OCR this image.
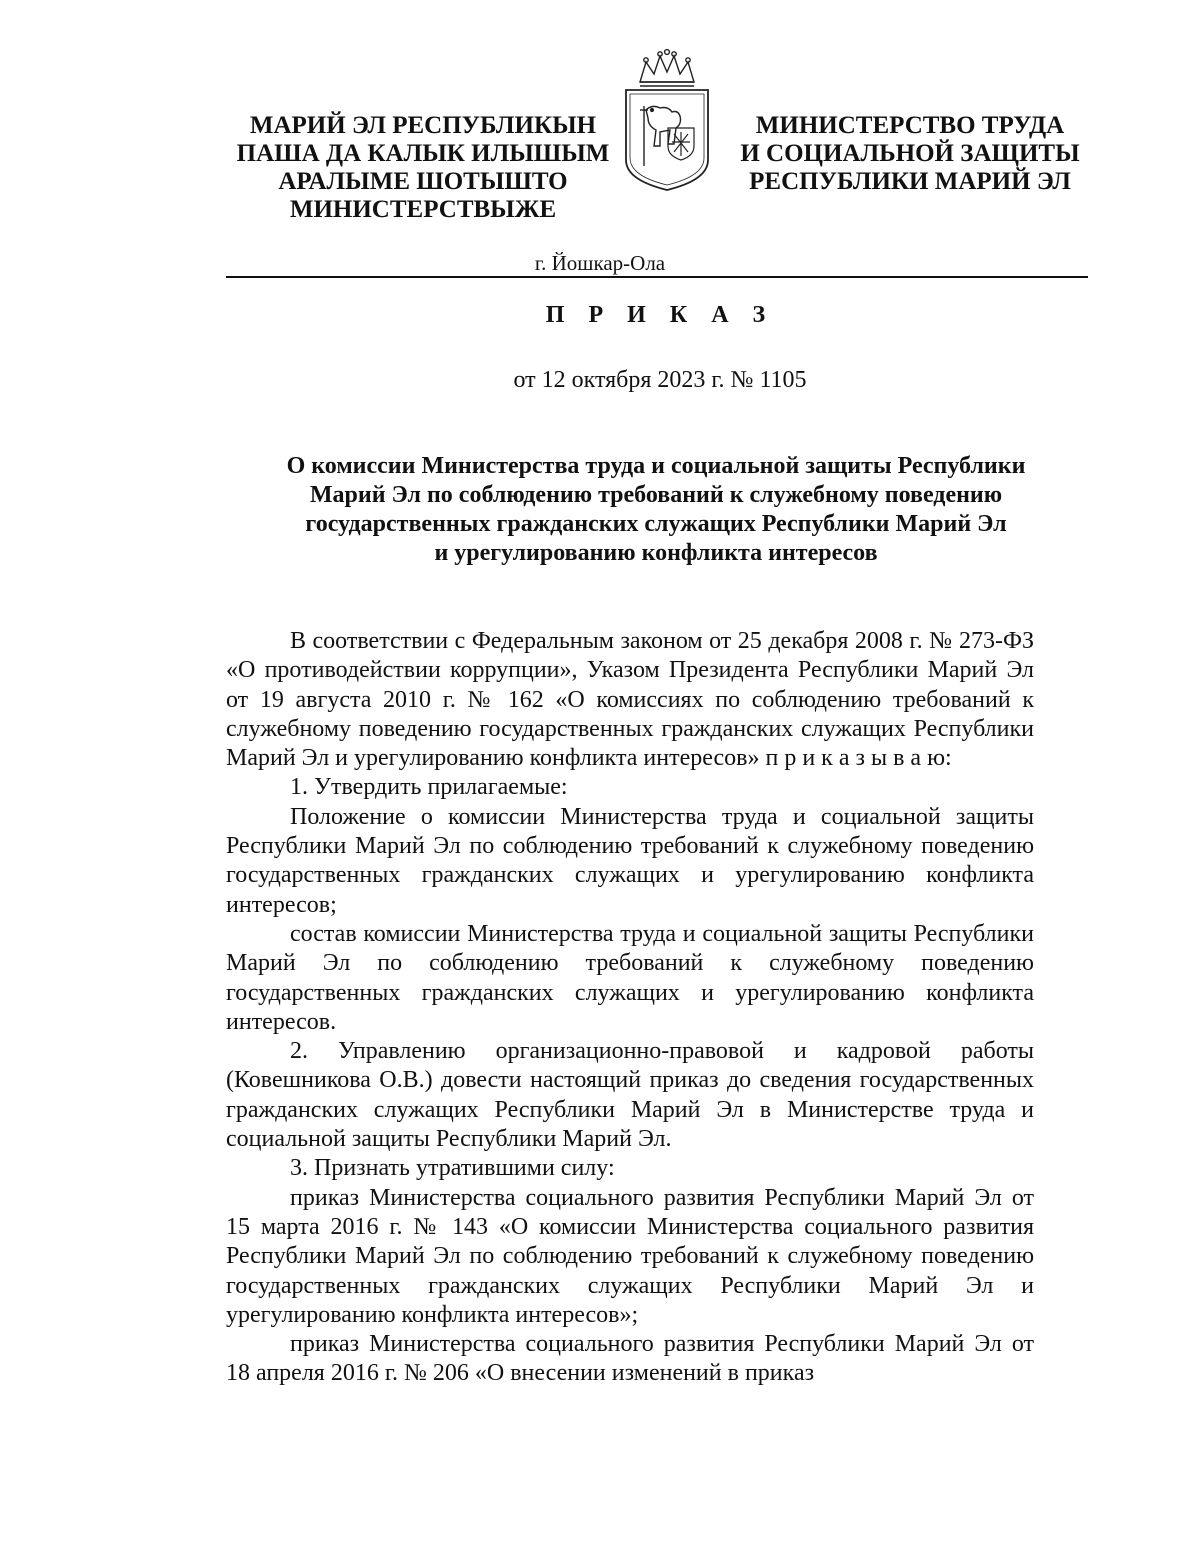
МАРИЙ ЭЛ РЕСПУБЛИКЫН
ПАША ДА КАЛЫК ИЛЫШЫМ
АРАЛЫМЕ ШОТЫШТО
МИНИСТЕРСТВЫЖЕ
МИНИСТЕРСТВО ТРУДА
И СОЦИАЛЬНОЙ ЗАЩИТЫ
РЕСПУБЛИКИ МАРИЙ ЭЛ
г. Йошкар-Ола
П Р И К А З
от 12 октября 2023 г. № 1105
О комиссии Министерства труда и социальной защиты Республики
Марий Эл по соблюдению требований к служебному поведению
государственных гражданских служащих Республики Марий Эл
и урегулированию конфликта интересов

В соответствии с Федеральным законом от 25 декабря 2008 г. № 273-ФЗ «О противодействии коррупции», Указом Президента Республики Марий Эл от 19 августа 2010 г. № 162 «О комиссиях по соблюдению требований к служебному поведению государственных гражданских служащих Республики Марий Эл и урегулированию конфликта интересов» п р и к а з ы в а ю:

1. Утвердить прилагаемые:

Положение о комиссии Министерства труда и социальной защиты Республики Марий Эл по соблюдению требований к служебному поведению государственных гражданских служащих и урегулированию конфликта интересов;

состав комиссии Министерства труда и социальной защиты Республики Марий Эл по соблюдению требований к служебному поведению государственных гражданских служащих и урегулированию конфликта интересов.

2. Управлению организационно-правовой и кадровой работы (Ковешникова О.В.) довести настоящий приказ до сведения государственных гражданских служащих Республики Марий Эл в Министерстве труда и социальной защиты Республики Марий Эл.

3. Признать утратившими силу:

приказ Министерства социального развития Республики Марий Эл от 15 марта 2016 г. № 143 «О комиссии Министерства социального развития Республики Марий Эл по соблюдению требований к служебному поведению государственных гражданских служащих Республики Марий Эл и урегулированию конфликта интересов»;

приказ Министерства социального развития Республики Марий Эл от 18 апреля 2016 г. № 206 «О внесении изменений в приказ
